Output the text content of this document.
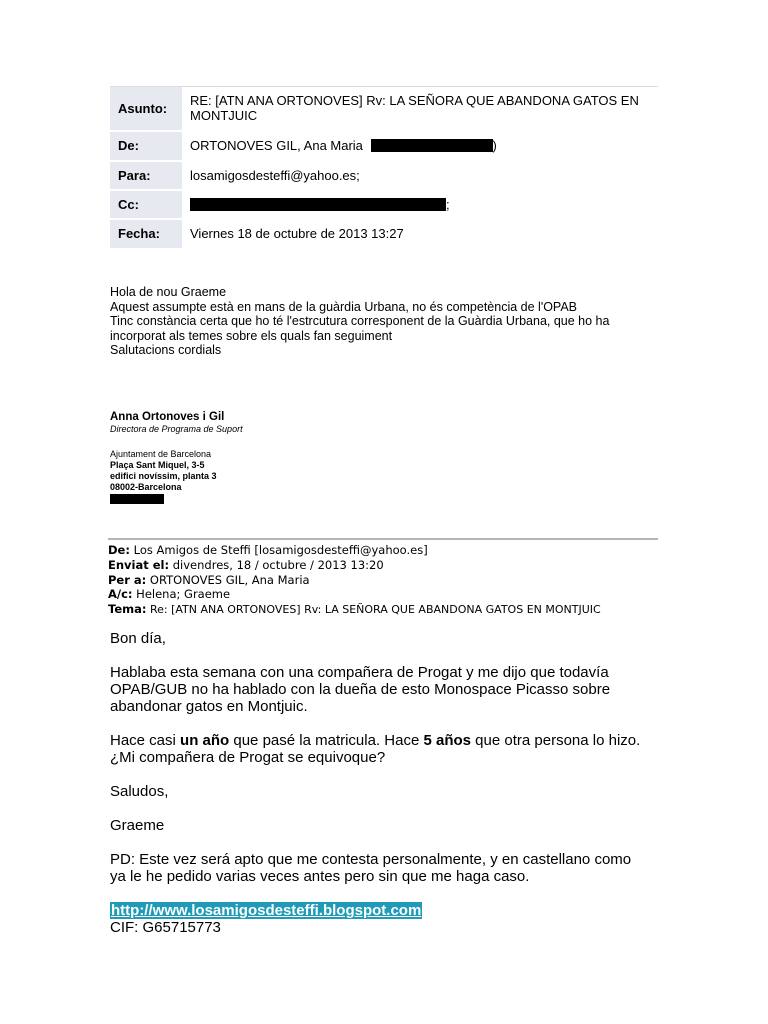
Asunto:	RE: [ATN ANA ORTONOVES] Rv: LA SEÑORA QUE ABANDONA GATOS EN MONTJUIC
De:	ORTONOVES GIL, Ana Maria )
Para:	losamigosdesteffi@yahoo.es;
Cc:	;
Fecha:	Viernes 18 de octubre de 2013 13:27

Hola de nou Graeme

Aquest assumpte està en mans de la guàrdia Urbana, no és competència de l'OPAB

Tinc constància certa que ho té l'estrcutura corresponent de la Guàrdia Urbana, que ho ha incorporat als temes sobre els quals fan seguiment

Salutacions cordials

Anna Ortonoves i Gil
Directora de Programa de Suport
Ajuntament de Barcelona
Plaça Sant Miquel, 3-5
edifici novíssim, planta 3
08002-Barcelona
De: Los Amigos de Steffi [losamigosdesteffi@yahoo.es]
Enviat el: divendres, 18 / octubre / 2013 13:20
Per a: ORTONOVES GIL, Ana Maria
A/c: Helena; Graeme
Tema: Re: [ATN ANA ORTONOVES] Rv: LA SEÑORA QUE ABANDONA GATOS EN MONTJUIC

Bon día,

Hablaba esta semana con una compañera de Progat y me dijo que todavía OPAB/GUB no ha hablado con la dueña de esto Monospace Picasso sobre abandonar gatos en Montjuic.

Hace casi un año que pasé la matricula. Hace 5 años que otra persona lo hizo. ¿Mi compañera de Progat se equivoque?

Saludos,

Graeme

PD: Este vez será apto que me contesta personalmente, y en castellano como ya le he pedido varias veces antes pero sin que me haga caso.

http://www.losamigosdesteffi.blogspot.com
CIF: G65715773
